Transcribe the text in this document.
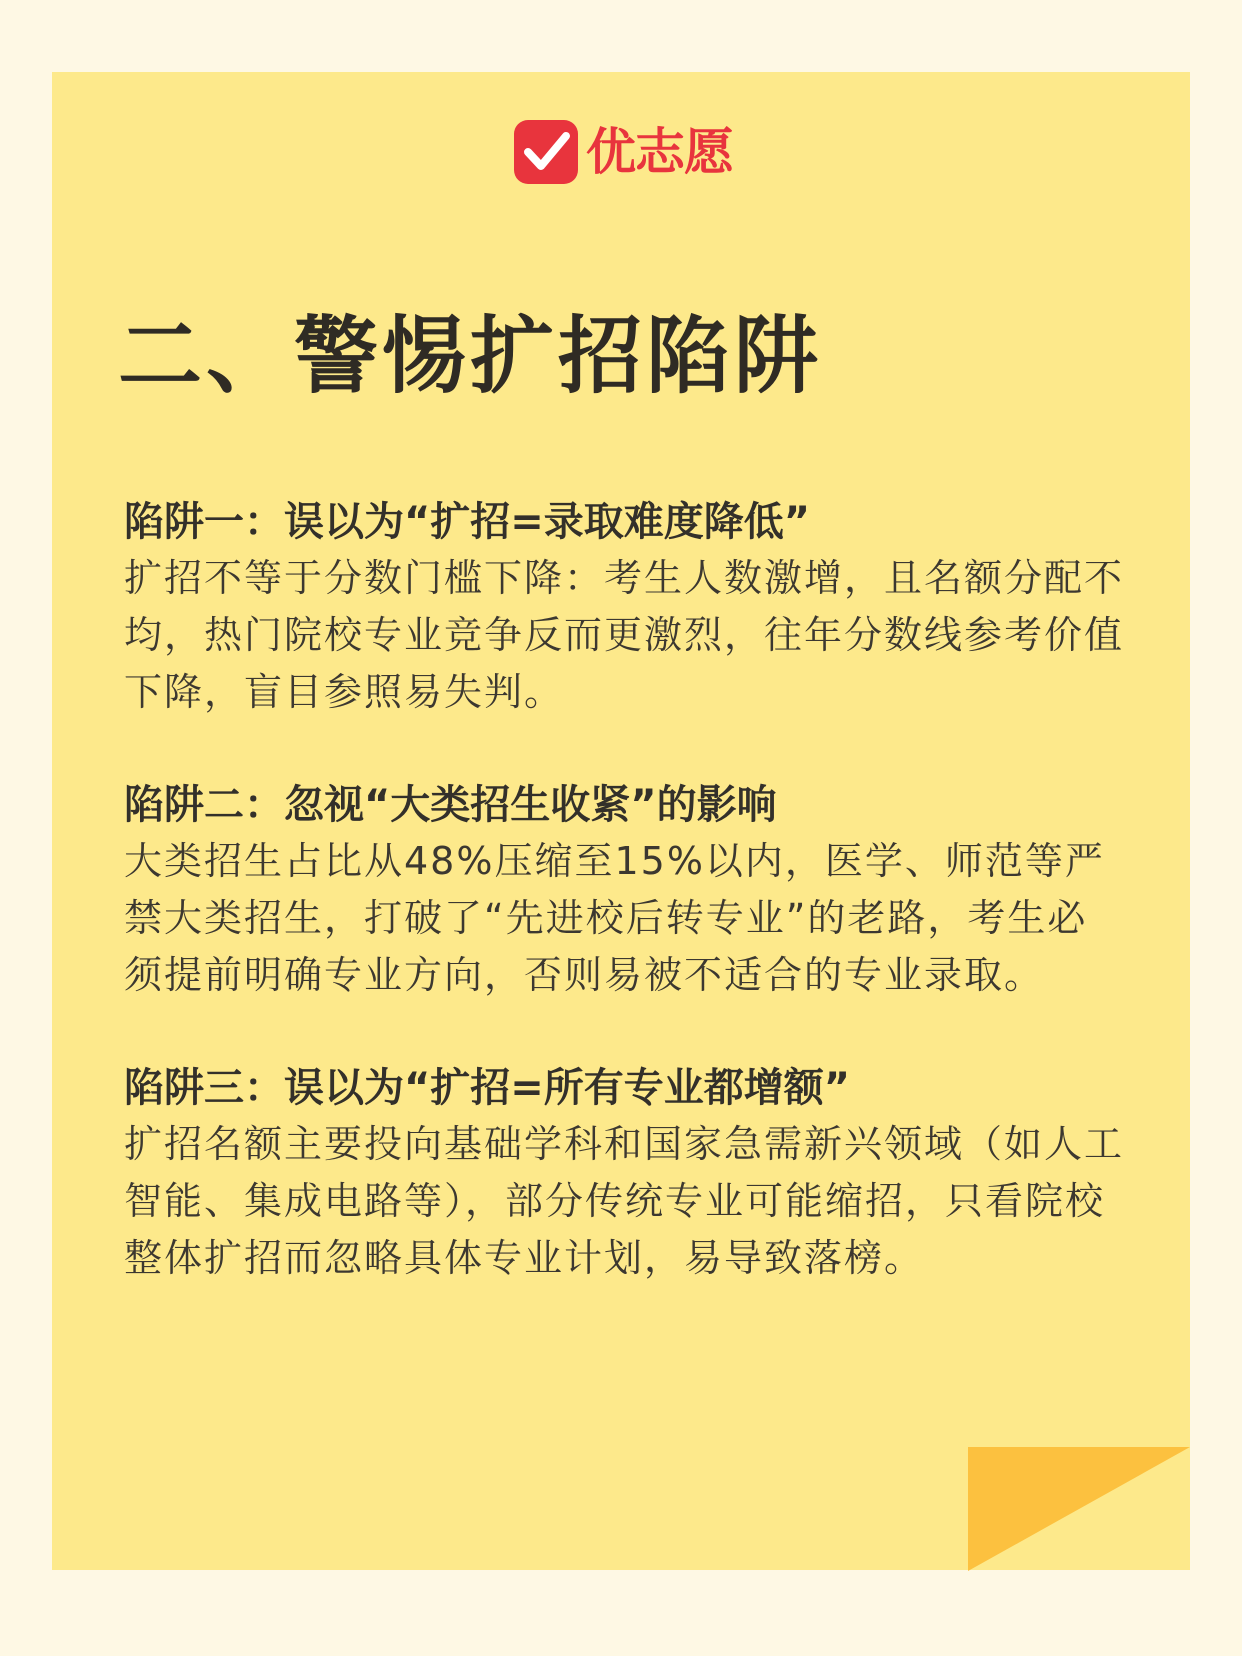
优志愿
二、警惕扩招陷阱

陷阱一：误以为“扩招=录取难度降低”

扩招不等于分数门槛下降：考生人数激增，且名额分配不均，热门院校专业竞争反而更激烈，往年分数线参考价值下降，盲目参照易失判。

陷阱二：忽视“大类招生收紧”的影响

大类招生占比从48%压缩至15%以内，医学、师范等严禁大类招生，打破了“先进校后转专业”的老路，考生必须提前明确专业方向，否则易被不适合的专业录取。

陷阱三：误以为“扩招=所有专业都增额”

扩招名额主要投向基础学科和国家急需新兴领域（如人工智能、集成电路等），部分传统专业可能缩招，只看院校整体扩招而忽略具体专业计划，易导致落榜。
